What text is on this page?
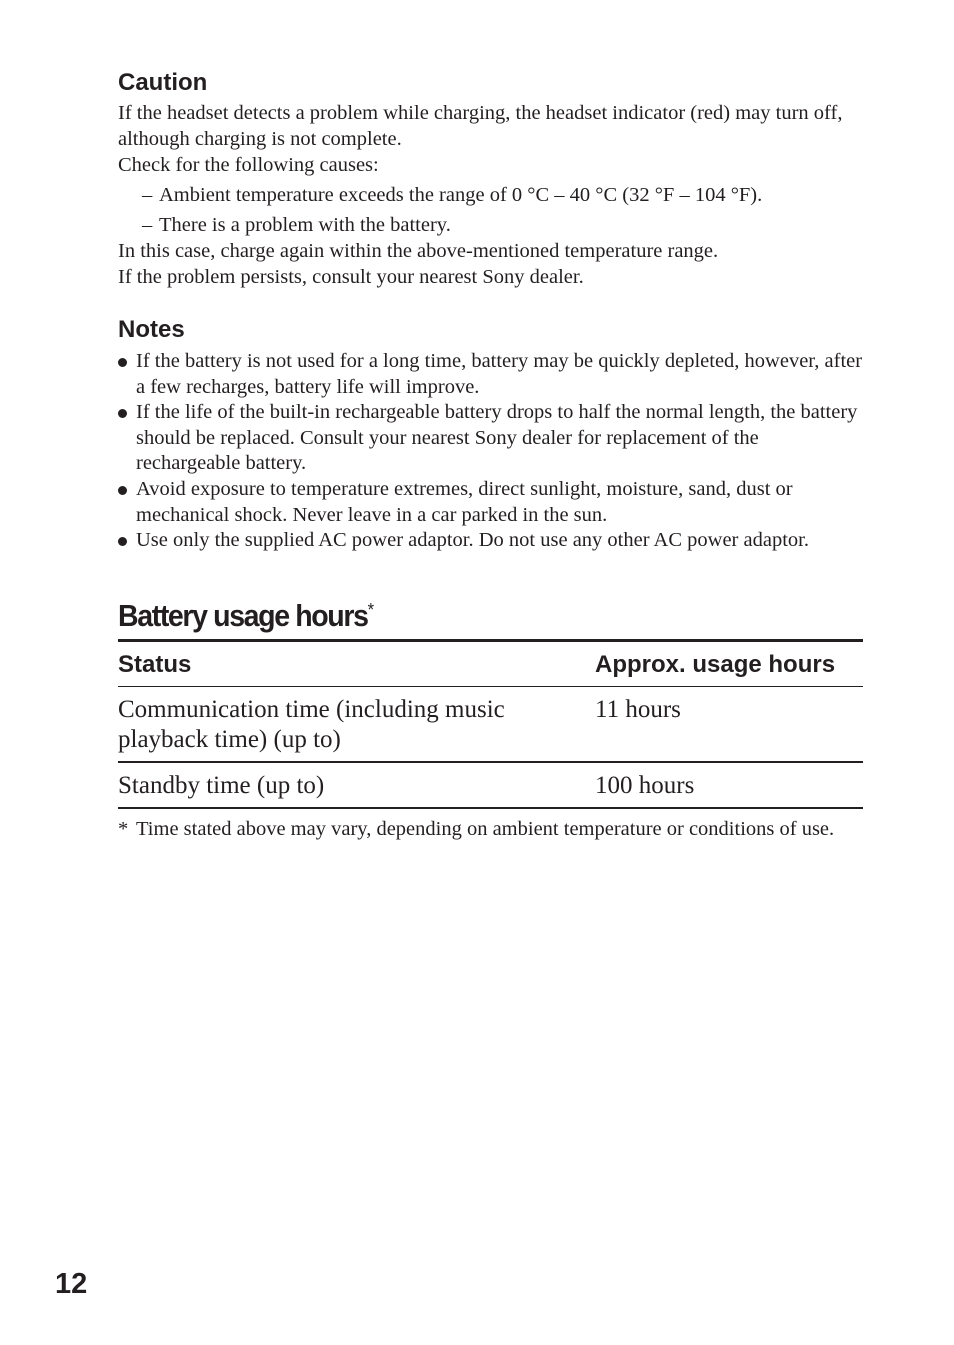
Caution

If the headset detects a problem while charging, the headset indicator (red) may turn off, although charging is not complete.

Check for the following causes:

– Ambient temperature exceeds the range of 0 °C – 40 °C (32 °F – 104 °F).
– There is a problem with the battery.

In this case, charge again within the above-mentioned temperature range.

If the problem persists, consult your nearest Sony dealer.

Notes
If the battery is not used for a long time, battery may be quickly depleted, however, after a few recharges, battery life will improve.
If the life of the built-in rechargeable battery drops to half the normal length, the battery should be replaced. Consult your nearest Sony dealer for replacement of the rechargeable battery.
Avoid exposure to temperature extremes, direct sunlight, moisture, sand, dust or mechanical shock. Never leave in a car parked in the sun.
Use only the supplied AC power adaptor. Do not use any other AC power adaptor.
Battery usage hours*
Status	Approx. usage hours
Communication time (including music playback time) (up to)	11 hours
Standby time (up to)	100 hours
* Time stated above may vary, depending on ambient temperature or conditions of use.
12
